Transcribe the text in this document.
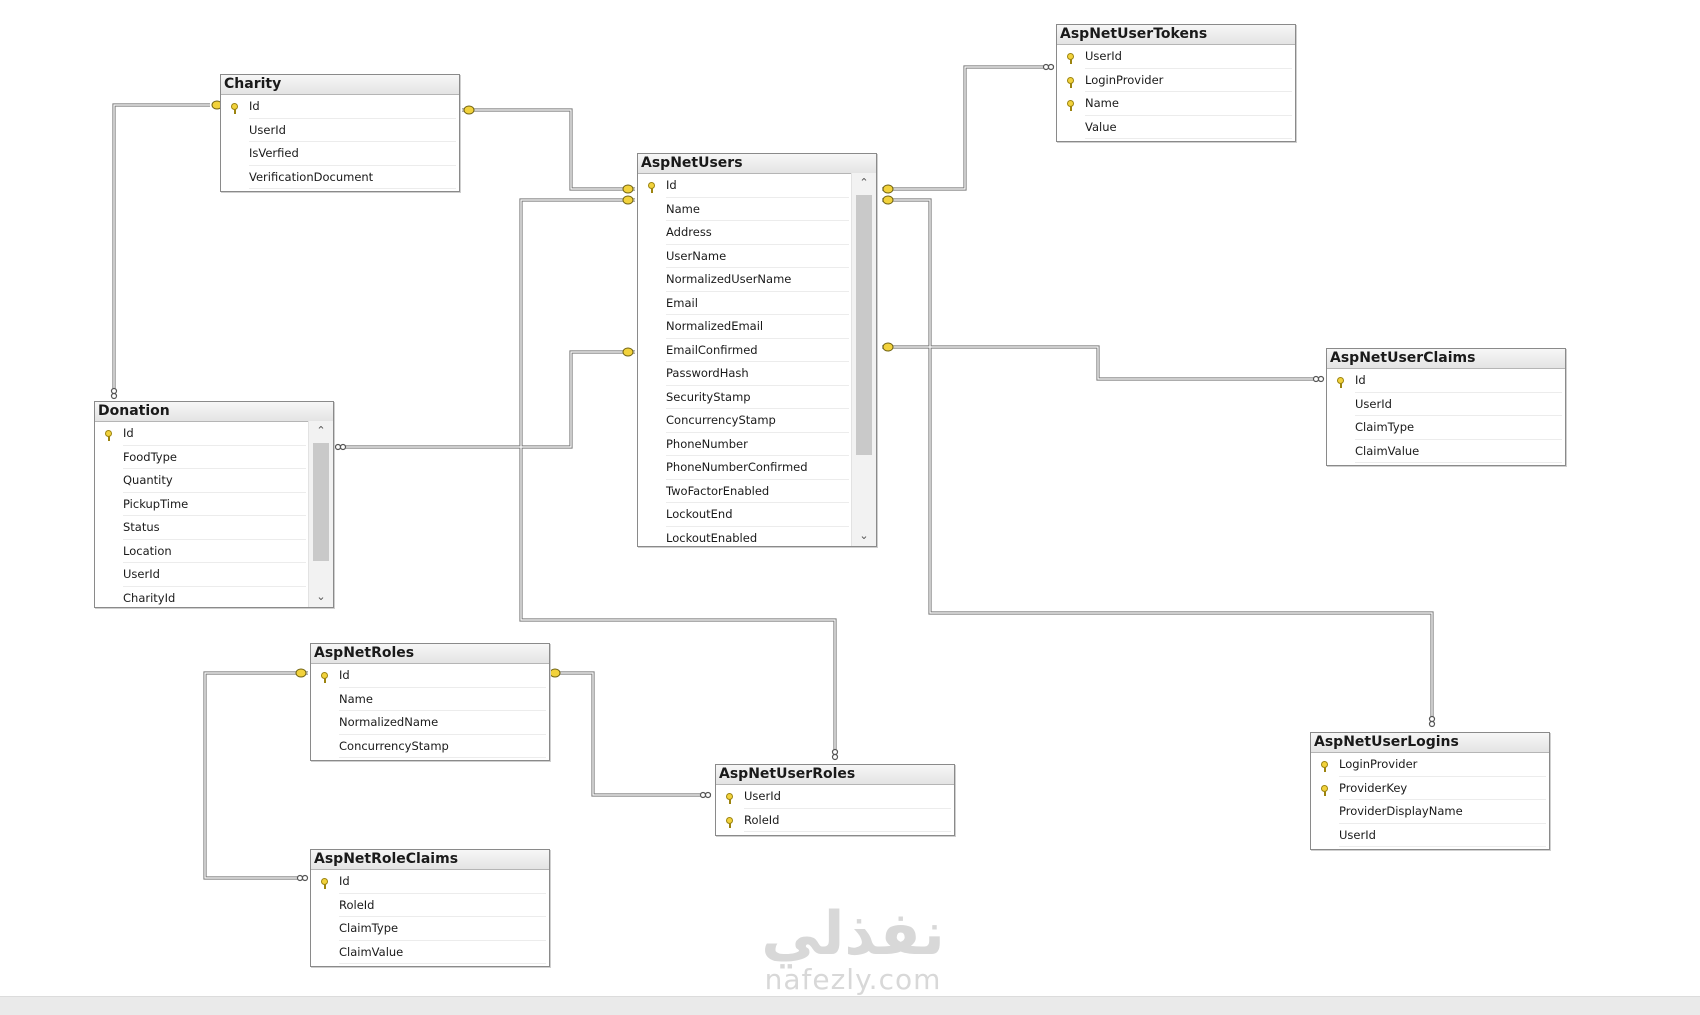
Charity
Id
UserId
IsVerfied
VerificationDocument
AspNetUsers
Id
Name
Address
UserName
NormalizedUserName
Email
NormalizedEmail
EmailConfirmed
PasswordHash
SecurityStamp
ConcurrencyStamp
PhoneNumber
PhoneNumberConfirmed
TwoFactorEnabled
LockoutEnd
LockoutEnabled
⌃
⌄
AspNetUserTokens
UserId
LoginProvider
Name
Value
Donation
Id
FoodType
Quantity
PickupTime
Status
Location
UserId
CharityId
⌃
⌄
AspNetUserClaims
Id
UserId
ClaimType
ClaimValue
AspNetRoles
Id
Name
NormalizedName
ConcurrencyStamp
AspNetUserRoles
UserId
RoleId
AspNetUserLogins
LoginProvider
ProviderKey
ProviderDisplayName
UserId
AspNetRoleClaims
Id
RoleId
ClaimType
ClaimValue	نفذلي
nafezly.com
